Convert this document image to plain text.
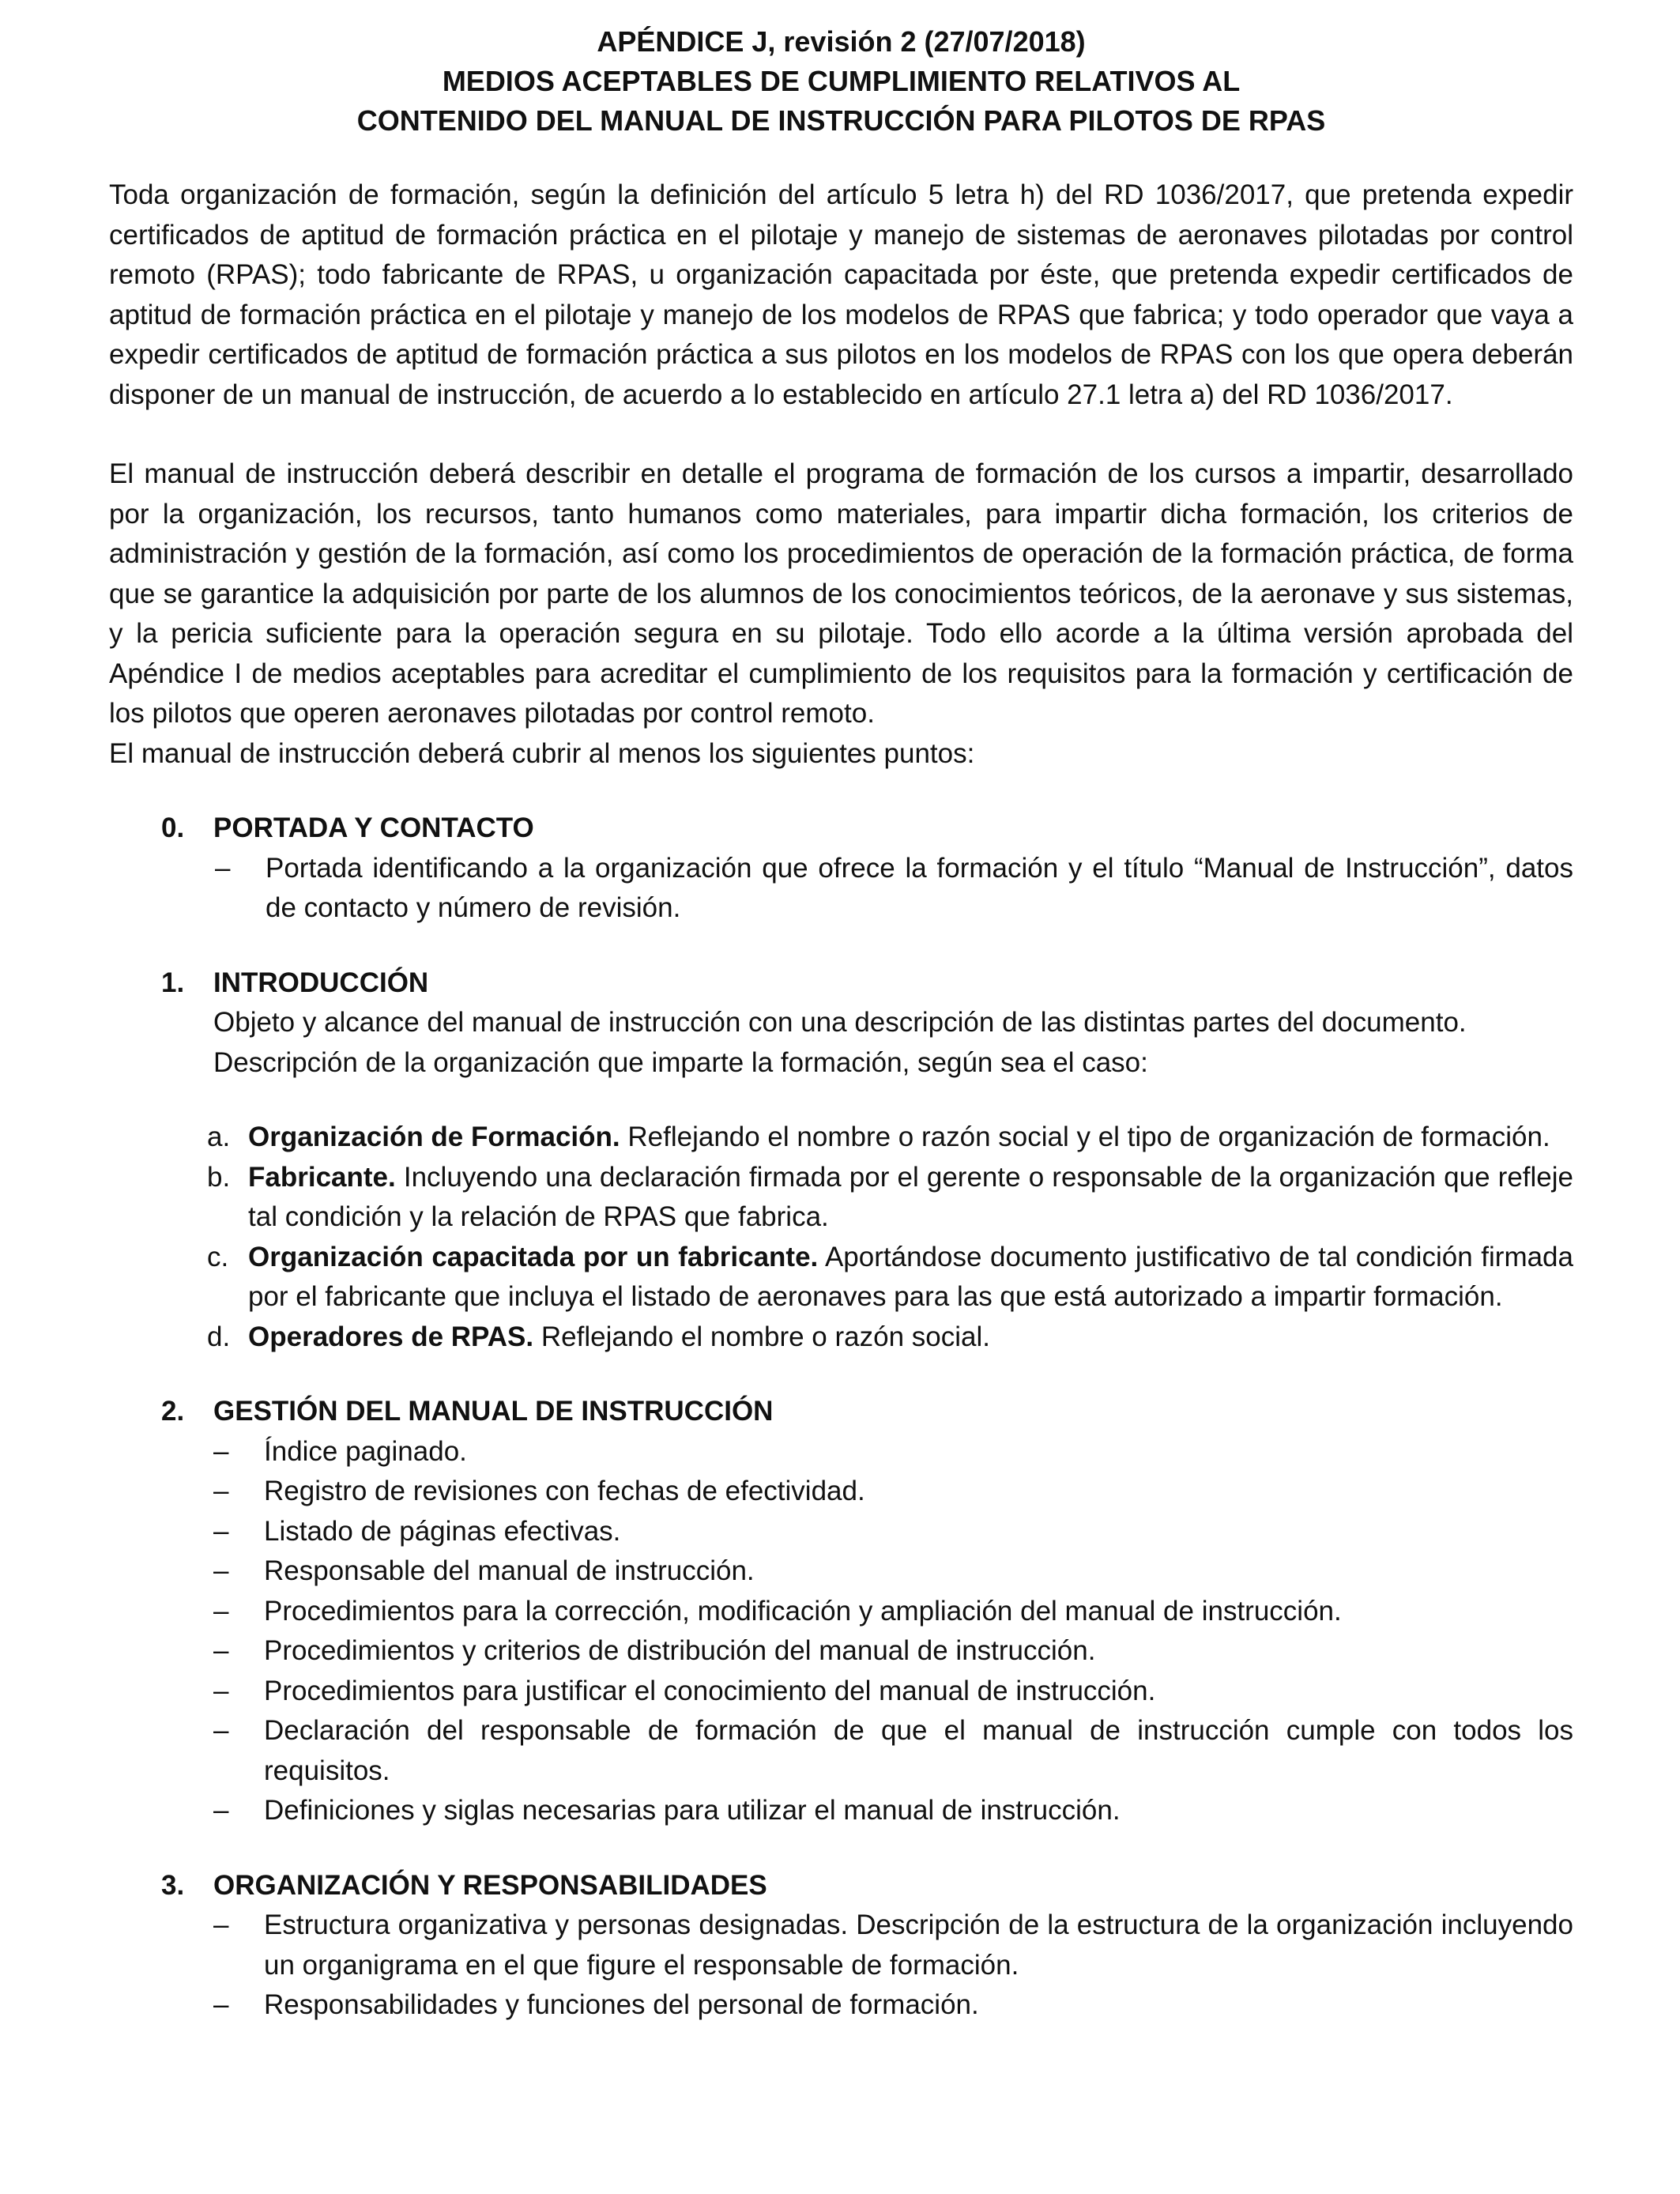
APÉNDICE J, revisión 2 (27/07/2018)
MEDIOS ACEPTABLES DE CUMPLIMIENTO RELATIVOS AL
CONTENIDO DEL MANUAL DE INSTRUCCIÓN PARA PILOTOS DE RPAS

Toda organización de formación, según la definición del artículo 5 letra h) del RD 1036/2017, que pretenda expedir certificados de aptitud de formación práctica en el pilotaje y manejo de sistemas de aeronaves pilotadas por control remoto (RPAS); todo fabricante de RPAS, u organización capacitada por éste, que pretenda expedir certificados de aptitud de formación práctica en el pilotaje y manejo de los modelos de RPAS que fabrica; y todo operador que vaya a expedir certificados de aptitud de formación práctica a sus pilotos en los modelos de RPAS con los que opera deberán disponer de un manual de instrucción, de acuerdo a lo establecido en artículo 27.1 letra a) del RD 1036/2017.

El manual de instrucción deberá describir en detalle el programa de formación de los cursos a impartir, desarrollado por la organización, los recursos, tanto humanos como materiales, para impartir dicha formación, los criterios de administración y gestión de la formación, así como los procedimientos de operación de la formación práctica, de forma que se garantice la adquisición por parte de los alumnos de los conocimientos teóricos, de la aeronave y sus sistemas, y la pericia suficiente para la operación segura en su pilotaje. Todo ello acorde a la última versión aprobada del Apéndice I de medios aceptables para acreditar el cumplimiento de los requisitos para la formación y certificación de los pilotos que operen aeronaves pilotadas por control remoto.

El manual de instrucción deberá cubrir al menos los siguientes puntos:

0.	PORTADA Y CONTACTO
–	Portada identificando a la organización que ofrece la formación y el título “Manual de Instrucción”, datos de contacto y número de revisión.
1.	INTRODUCCIÓN

Objeto y alcance del manual de instrucción con una descripción de las distintas partes del documento.

Descripción de la organización que imparte la formación, según sea el caso:

a. Organización de Formación. Reflejando el nombre o razón social y el tipo de organización de formación.
b. Fabricante. Incluyendo una declaración firmada por el gerente o responsable de la organización que refleje tal condición y la relación de RPAS que fabrica.
c. Organización capacitada por un fabricante. Aportándose documento justificativo de tal condición firmada por el fabricante que incluya el listado de aeronaves para las que está autorizado a impartir formación.
d. Operadores de RPAS. Reflejando el nombre o razón social.
2.	GESTIÓN DEL MANUAL DE INSTRUCCIÓN
–	Índice paginado.
–	Registro de revisiones con fechas de efectividad.
–	Listado de páginas efectivas.
–	Responsable del manual de instrucción.
–	Procedimientos para la corrección, modificación y ampliación del manual de instrucción.
–	Procedimientos y criterios de distribución del manual de instrucción.
–	Procedimientos para justificar el conocimiento del manual de instrucción.
–	Declaración del responsable de formación de que el manual de instrucción cumple con todos los requisitos.
–	Definiciones y siglas necesarias para utilizar el manual de instrucción.
3.	ORGANIZACIÓN Y RESPONSABILIDADES
–	Estructura organizativa y personas designadas. Descripción de la estructura de la organización incluyendo un organigrama en el que figure el responsable de formación.
–	Responsabilidades y funciones del personal de formación.
